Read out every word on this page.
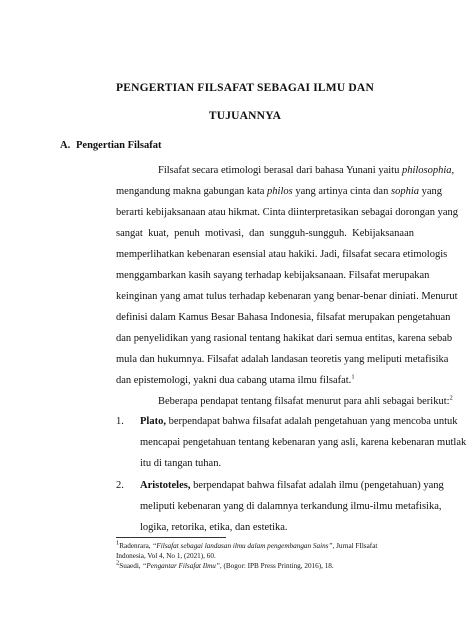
PENGERTIAN FILSAFAT SEBAGAI ILMU DAN
TUJUANNYA
A. Pengertian Filsafat
Filsafat secara etimologi berasal dari bahasa Yunani yaitu philosophia,
mengandung makna gabungan kata philos yang artinya cinta dan sophia yang
berarti kebijaksanaan atau hikmat. Cinta diinterpretasikan sebagai dorongan yang
sangat kuat, penuh motivasi, dan sungguh-sungguh. Kebijaksanaan
memperlihatkan kebenaran esensial atau hakiki. Jadi, filsafat secara etimologis
menggambarkan kasih sayang terhadap kebijaksanaan. Filsafat merupakan
keinginan yang amat tulus terhadap kebenaran yang benar-benar diniati. Menurut
definisi dalam Kamus Besar Bahasa Indonesia, filsafat merupakan pengetahuan
dan penyelidikan yang rasional tentang hakikat dari semua entitas, karena sebab
mula dan hukumnya. Filsafat adalah landasan teoretis yang meliputi metafisika
dan epistemologi, yakni dua cabang utama ilmu filsafat.$^1$
Beberapa pendapat tentang filsafat menurut para ahli sebagai berikut:$^2$
1. Plato, berpendapat bahwa filsafat adalah pengetahuan yang mencoba untuk
mencapai pengetahuan tentang kebenaran yang asli, karena kebenaran mutlak
itu di tangan tuhan.
2. Aristoteles, berpendapat bahwa filsafat adalah ilmu (pengetahuan) yang
meliputi kebenaran yang di dalamnya terkandung ilmu-ilmu metafisika,
logika, retorika, etika, dan estetika.
$^1$Radenrara, “Filsafat sebagai landasan ilmu dalam pengembangan Sains”, Jurnal FIlsafat
Indonesia, Vol 4, No 1, (2021), 60.
$^2$Suaedi, “Pengantar Filsafat Ilmu”, (Bogor: IPB Press Printing, 2016), 18.
